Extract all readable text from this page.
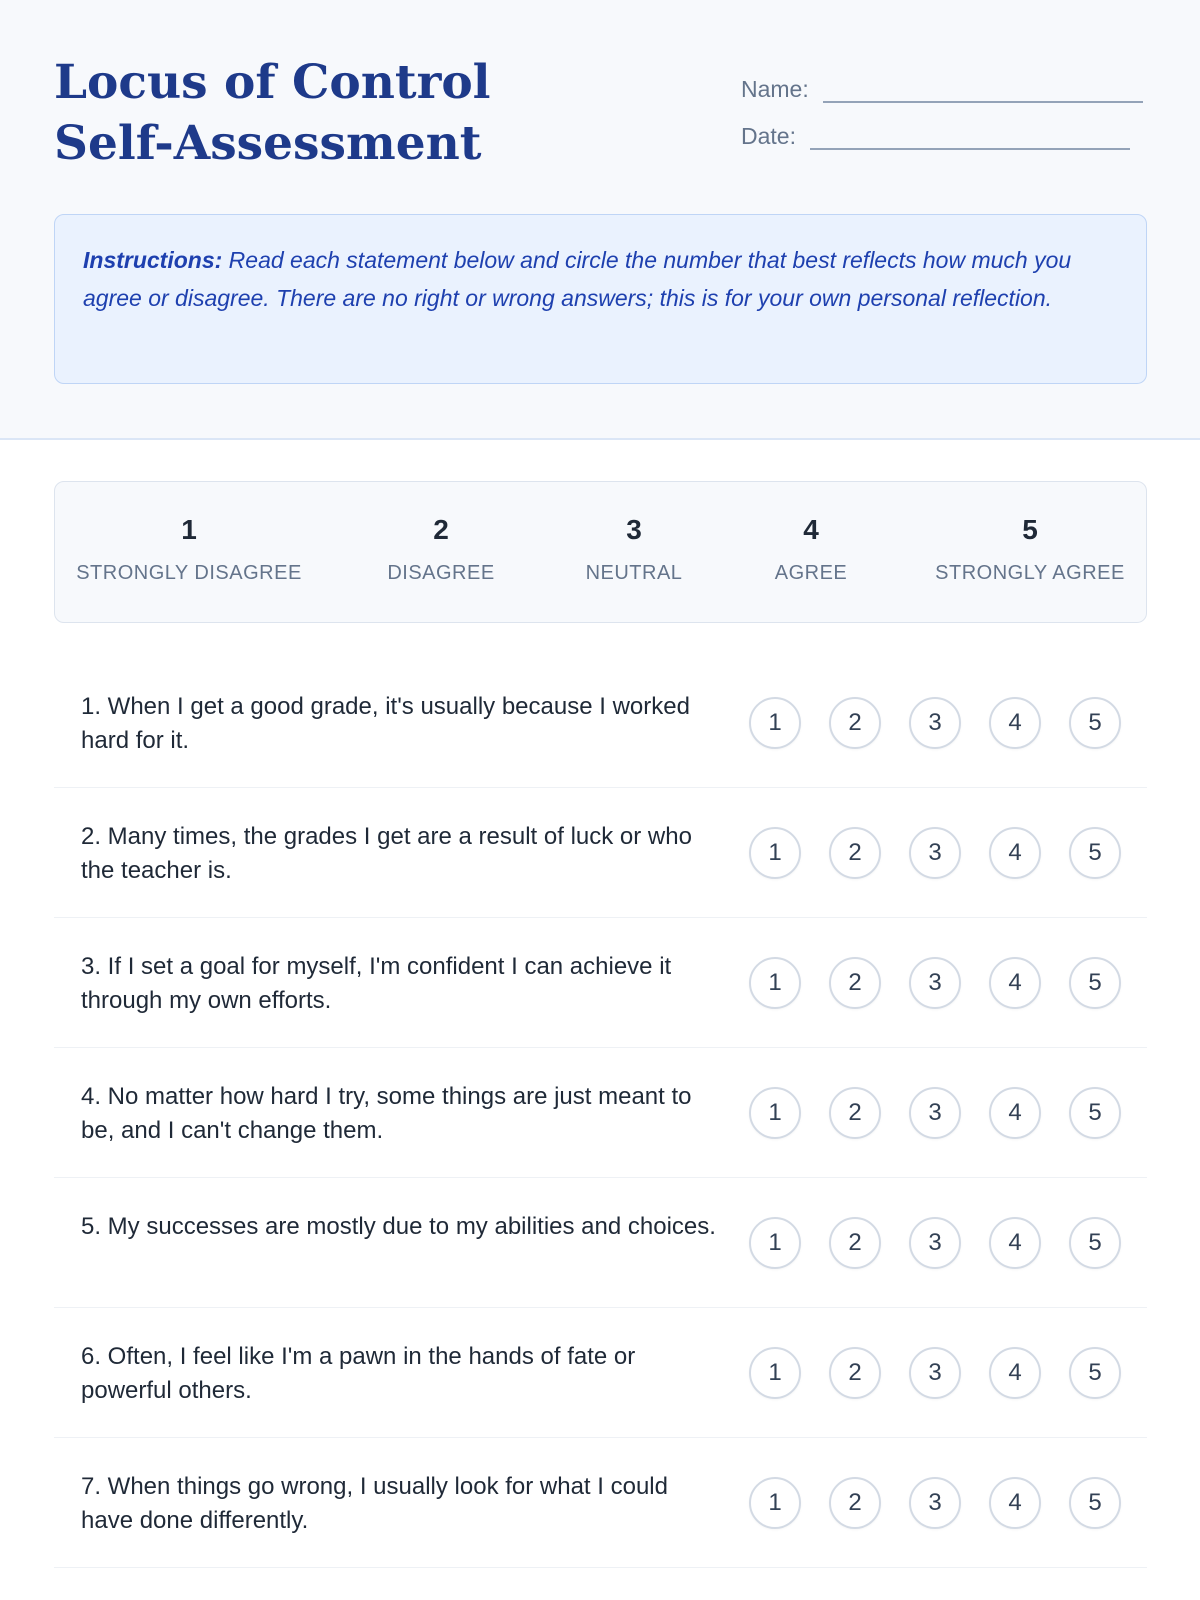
Locus of Control Self-Assessment
Name:
Date:
Instructions: Read each statement below and circle the number that best reflects how much you agree or disagree. There are no right or wrong answers; this is for your own personal reflection.
1
STRONGLY DISAGREE
2
DISAGREE
3
NEUTRAL
4
AGREE
5
STRONGLY AGREE
1. When I get a good grade, it's usually because I worked hard for it.
1	2	3	4	5
2. Many times, the grades I get are a result of luck or who the teacher is.
1	2	3	4	5
3. If I set a goal for myself, I'm confident I can achieve it through my own efforts.
1	2	3	4	5
4. No matter how hard I try, some things are just meant to be, and I can't change them.
1	2	3	4	5
5. My successes are mostly due to my abilities and choices.
1	2	3	4	5
6. Often, I feel like I'm a pawn in the hands of fate or powerful others.
1	2	3	4	5
7. When things go wrong, I usually look for what I could have done differently.
1	2	3	4	5
